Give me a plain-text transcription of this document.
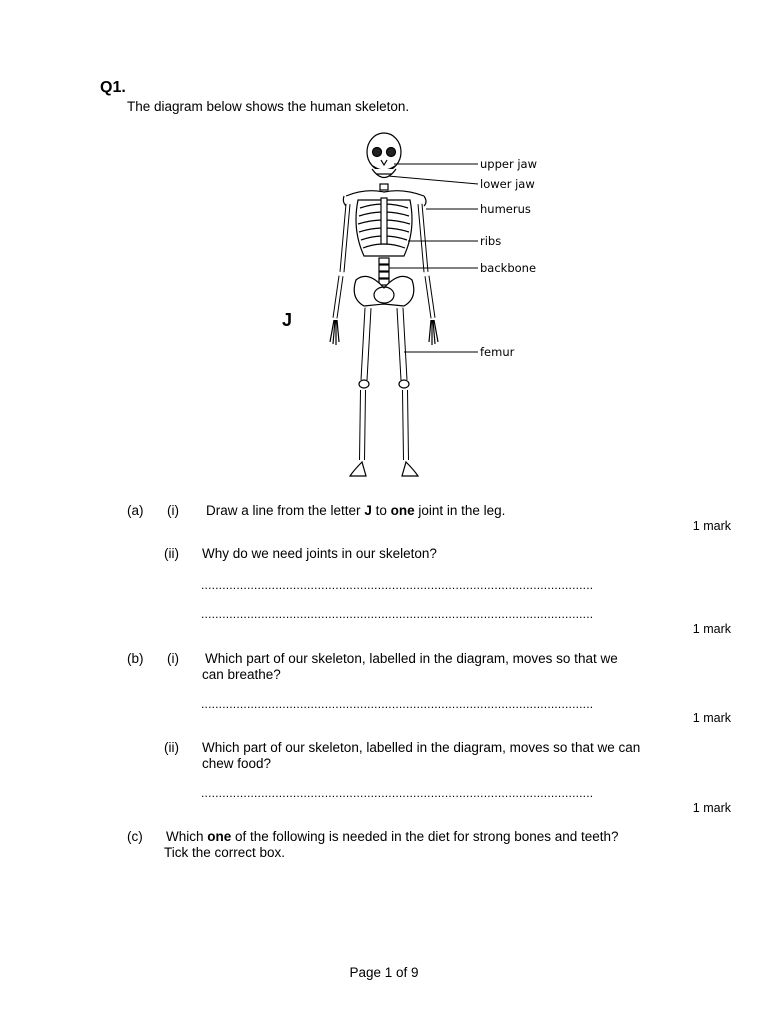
Q1.
The diagram below shows the human skeleton.
upper jaw
lower jaw
humerus
ribs
backbone
femur
J
(a) (i) Draw a line from the letter J to one joint in the leg.
1 mark
(ii) Why do we need joints in our skeleton?
...............................................................................................................
...............................................................................................................
1 mark
(b) (i) Which part of our skeleton, labelled in the diagram, moves so that we
can breathe?
...............................................................................................................
1 mark
(ii) Which part of our skeleton, labelled in the diagram, moves so that we can
chew food?
...............................................................................................................
1 mark
(c) Which one of the following is needed in the diet for strong bones and teeth?
Tick the correct box.
Page 1 of 9
